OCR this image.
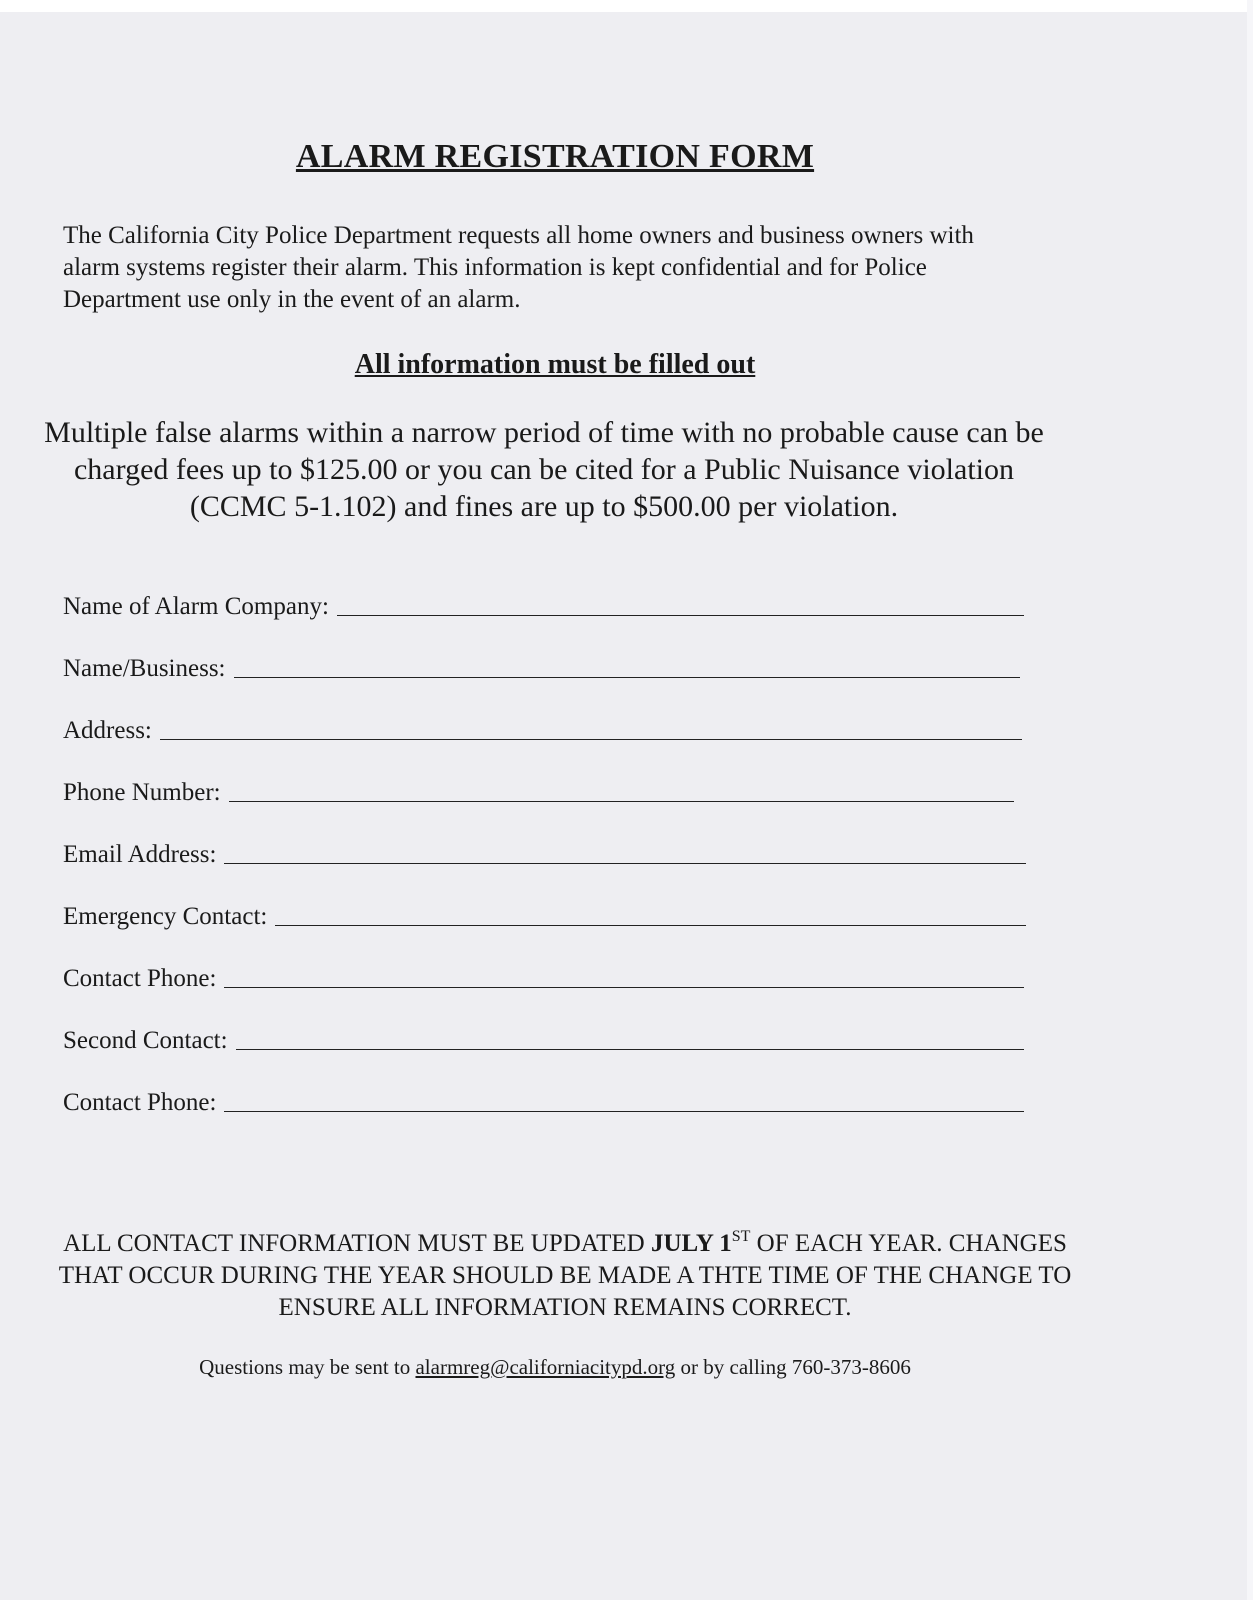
ALARM REGISTRATION FORM
The California City Police Department requests all home owners and business owners with alarm systems register their alarm. This information is kept confidential and for Police Department use only in the event of an alarm.
All information must be filled out
Multiple false alarms within a narrow period of time with no probable cause can be charged fees up to $125.00 or you can be cited for a Public Nuisance violation (CCMC 5-1.102) and fines are up to $500.00 per violation.
Name of Alarm Company:
Name/Business:
Address:
Phone Number:
Email Address:
Emergency Contact:
Contact Phone:
Second Contact:
Contact Phone:
ALL CONTACT INFORMATION MUST BE UPDATED JULY 1ST OF EACH YEAR. CHANGES THAT OCCUR DURING THE YEAR SHOULD BE MADE A THTE TIME OF THE CHANGE TO ENSURE ALL INFORMATION REMAINS CORRECT.
Questions may be sent to alarmreg@californiacitypd.org or by calling 760-373-8606
